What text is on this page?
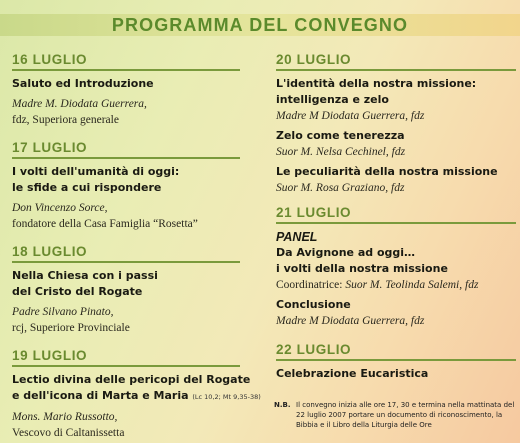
PROGRAMMA DEL CONVEGNO
16 LUGLIO
Saluto ed Introduzione
Madre M. Diodata Guerrera,
fdz, Superiora generale
17 LUGLIO
I volti dell'umanità di oggi:
le sfide a cui rispondere
Don Vincenzo Sorce,
fondatore della Casa Famiglia “Rosetta”
18 LUGLIO
Nella Chiesa con i passi
del Cristo del Rogate
Padre Silvano Pinato,
rcj, Superiore Provinciale
19 LUGLIO
Lectio divina delle pericopi del Rogate
e dell'icona di Marta e Maria (Lc 10,2; Mt 9,35-38)
Mons. Mario Russotto,
Vescovo di Caltanissetta
20 LUGLIO
L'identità della nostra missione:
intelligenza e zelo
Madre M Diodata Guerrera, fdz
Zelo come tenerezza
Suor M. Nelsa Cechinel, fdz
Le peculiarità della nostra missione
Suor M. Rosa Graziano, fdz
21 LUGLIO
PANEL
Da Avignone ad oggi…
i volti della nostra missione
Coordinatrice: Suor M. Teolinda Salemi, fdz
Conclusione
Madre M Diodata Guerrera, fdz
22 LUGLIO
Celebrazione Eucaristica
N.B. Il convegno inizia alle ore 17, 30 e termina nella mattinata del 22 luglio 2007 portare un documento di riconoscimento, la Bibbia e il Libro della Liturgia delle Ore
